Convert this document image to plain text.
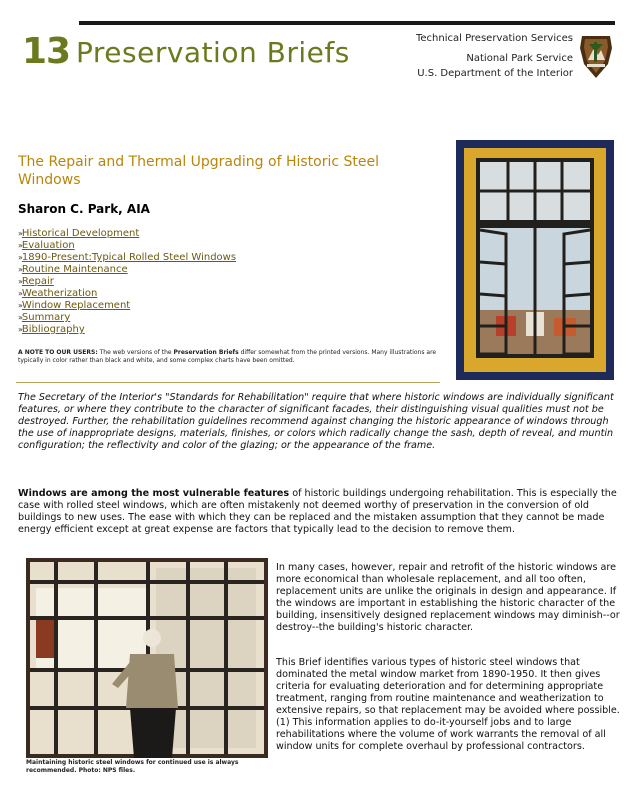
13 Preservation Briefs	Technical Preservation Services
National Park Service
U.S. Department of the Interior
The Repair and Thermal Upgrading of Historic Steel Windows
Sharon C. Park, AIA
»Historical Development
»Evaluation
»1890-Present:Typical Rolled Steel Windows
»Routine Maintenance
»Repair
»Weatherization
»Window Replacement
»Summary
»Bibliography
A NOTE TO OUR USERS: The web versions of the Preservation Briefs differ somewhat from the printed versions. Many illustrations are typically in color rather than black and white, and some complex charts have been omitted.
The Secretary of the Interior's "Standards for Rehabilitation" require that where historic windows are individually significant features, or where they contribute to the character of significant facades, their distinguishing visual qualities must not be destroyed. Further, the rehabilitation guidelines recommend against changing the historic appearance of windows through the use of inappropriate designs, materials, finishes, or colors which radically change the sash, depth of reveal, and muntin configuration; the reflectivity and color of the glazing; or the appearance of the frame.
Windows are among the most vulnerable features of historic buildings undergoing rehabilitation. This is especially the case with rolled steel windows, which are often mistakenly not deemed worthy of preservation in the conversion of old buildings to new uses. The ease with which they can be replaced and the mistaken assumption that they cannot be made energy efficient except at great expense are factors that typically lead to the decision to remove them.
Maintaining historic steel windows for continued use is always recommended. Photo: NPS files.
In many cases, however, repair and retrofit of the historic windows are more economical than wholesale replacement, and all too often, replacement units are unlike the originals in design and appearance. If the windows are important in establishing the historic character of the building, insensitively designed replacement windows may diminish--or destroy--the building's historic character.
This Brief identifies various types of historic steel windows that dominated the metal window market from 1890-1950. It then gives criteria for evaluating deterioration and for determining appropriate treatment, ranging from routine maintenance and weatherization to extensive repairs, so that replacement may be avoided where possible.(1) This information applies to do-it-yourself jobs and to large rehabilitations where the volume of work warrants the removal of all window units for complete overhaul by professional contractors.
